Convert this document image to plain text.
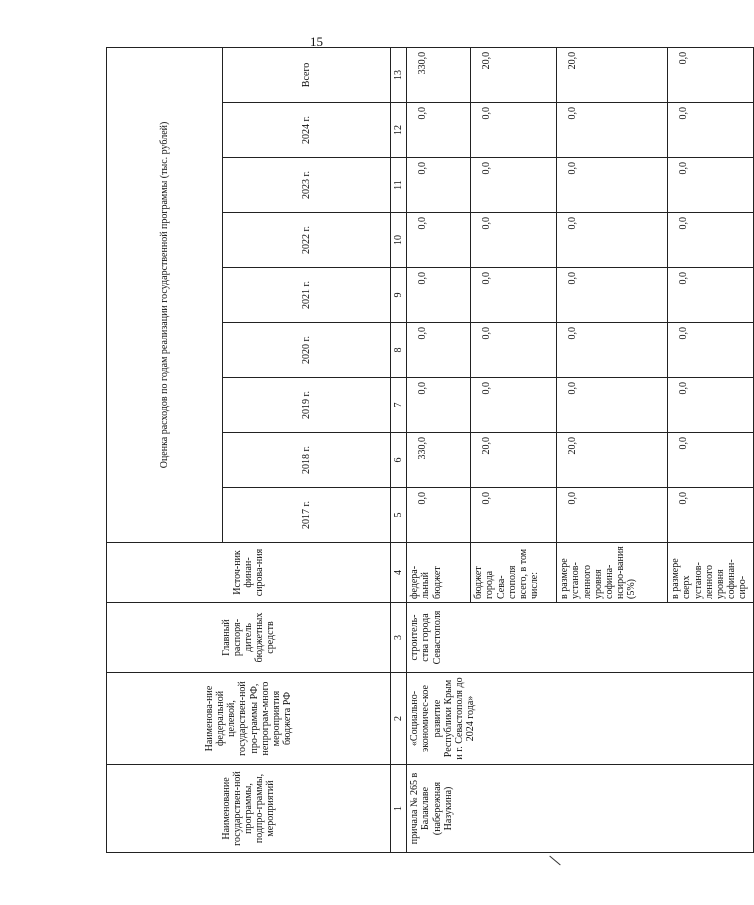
15
Наименование государствен-ной программы, подпро-граммы, мероприятий	Наименова-ние федеральной целевой, государствен-ной про-граммы РФ, непрограм-много мероприятия бюджета РФ	Главный распоря-дитель бюджетных средств	Источ-ник финан-сирова-ния	Оценка расходов по годам реализации государственной программы (тыс. рублей)								
				2017 г.	2018 г.	2019 г.	2020 г.	2021 г.	2022 г.	2023 г.	2024 г.	Всего
1	2	3	4	5	6	7	8	9	10	11	12	13
причала № 265 в Балаклаве (набережная Назукина)	«Социально-экономичес-кое развитие Республики Крым и г. Севастополя до 2024 года»	строитель-ства города Севастополя	федера-льный бюджет	0,0	330,0	0,0	0,0	0,0	0,0	0,0	0,0	330,0
			бюджет города Сева-стополя всего, в том числе:	0,0	20,0	0,0	0,0	0,0	0,0	0,0	0,0	20,0
			в размере установ-ленного уровня софина-нсиро-вания (5%)	0,0	20,0	0,0	0,0	0,0	0,0	0,0	0,0	20,0
			в размере сверх установ-ленного уровня софинан-сиро-	0,0	0,0	0,0	0,0	0,0	0,0	0,0	0,0	0,0
